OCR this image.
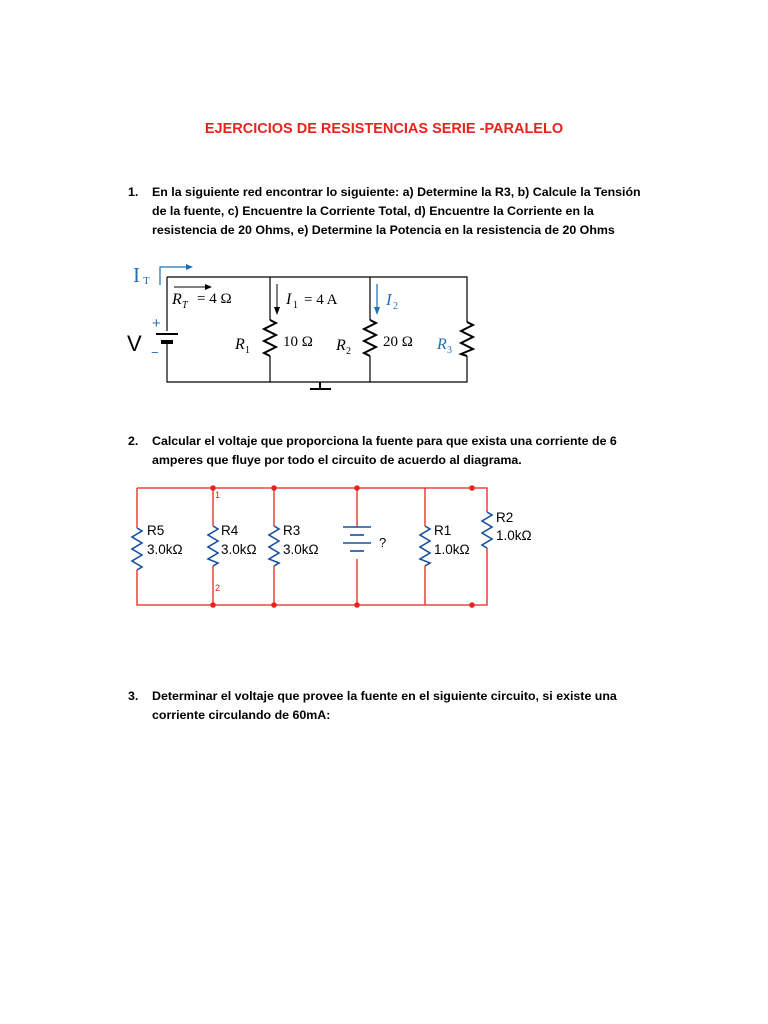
EJERCICIOS DE RESISTENCIAS SERIE -PARALELO
1. En la siguiente red encontrar lo siguiente: a) Determine la R3, b) Calcule la Tensión de la fuente, c) Encuentre la Corriente Total, d) Encuentre la Corriente en la resistencia de 20 Ohms, e) Determine la Potencia en la resistencia de 20 Ohms
2. Calcular el voltaje que proporciona la fuente para que exista una corriente de 6 amperes que fluye por todo el circuito de acuerdo al diagrama.
3. Determinar el voltaje que provee la fuente en el siguiente circuito, si existe una corriente circulando de 60mA:
I T
R T = 4 Ω	I 1 = 4 A	I 2
+
−
V	R 1
10 Ω R 2
20 Ω R 3
1
2
?
R5
3.0kΩ
R4
3.0kΩ
R3
3.0kΩ
R1
1.0kΩ
R2
1.0kΩ
